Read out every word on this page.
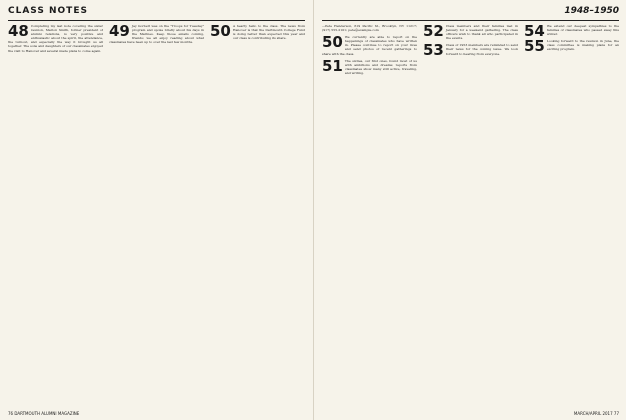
CLASS NOTES
48 Completing my last note covering the sister reunion, Marion Smith, former president of alumni relations, is very positive and enthusiastic about the spirit, the attendance, the turnout, and especially the way it brought us all together. The sons and daughters of our classmates enjoyed the visit to Hanover and several made plans to come again.
49 Jay Gorbett was on the "Troops for Tuesday" program and spoke briefly about his days in the Marines. Keep those emails coming, friends; we all enjoy reading about what classmates have been up to over the last few months.
50 A hearty hello to the class. The news from Hanover is that the Dartmouth College Fund is doing better than expected this year and our class is contributing its share.
76 DARTMOUTH ALUMNI MAGAZINE
1948–1950
—Pete Henderson, 619 Pacific St., Brooklyn, NY 11217; (917) 555-2101; pete@example.com
50 We currently are able to report on the happenings of classmates who have written in. Please continue to report on your lives and send photos of recent gatherings to share with the class.
51 The sixties, our first ones, found most of us with ambitions and dreams; reports from classmates show many still active, traveling, and writing.
52 Class members and their families met in January for a weekend gathering. The class officers wish to thank all who participated in the events.
53 Class of 1953 members are reminded to send their news for the coming issue. We look forward to hearing from everyone.
54 We extend our deepest sympathies to the families of classmates who passed away this winter.
55 Looking forward to the reunion in June, the class committee is making plans for an exciting program.
MARCH/APRIL 2017 77
